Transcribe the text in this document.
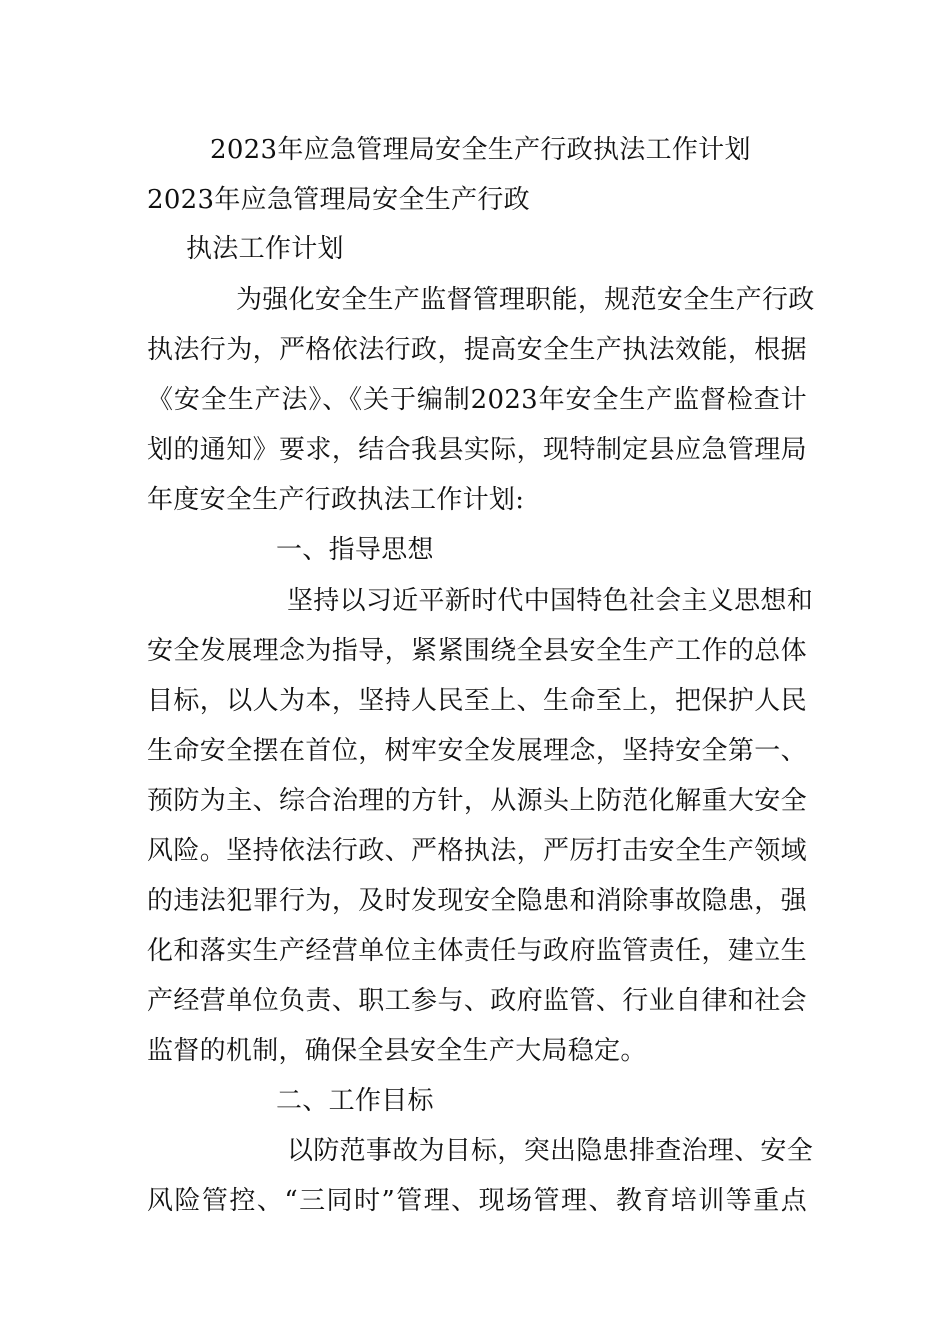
2023年应急管理局安全生产行政执法工作计划
2023年应急管理局安全生产行政
执法工作计划
为强化安全生产监督管理职能，规范安全生产行政
执法行为，严格依法行政，提高安全生产执法效能，根据
《安全生产法》、《关于编制2023年安全生产监督检查计
划的通知》要求，结合我县实际，现特制定县应急管理局
年度安全生产行政执法工作计划:
一、指导思想
坚持以习近平新时代中国特色社会主义思想和
安全发展理念为指导，紧紧围绕全县安全生产工作的总体
目标，以人为本，坚持人民至上、生命至上，把保护人民
生命安全摆在首位，树牢安全发展理念，坚持安全第一、
预防为主、综合治理的方针，从源头上防范化解重大安全
风险。坚持依法行政、严格执法，严厉打击安全生产领域
的违法犯罪行为，及时发现安全隐患和消除事故隐患，强
化和落实生产经营单位主体责任与政府监管责任，建立生
产经营单位负责、职工参与、政府监管、行业自律和社会
监督的机制，确保全县安全生产大局稳定。
二、工作目标
以防范事故为目标，突出隐患排查治理、安全
风险管控、“三同时”管理、现场管理、教育培训等重点
